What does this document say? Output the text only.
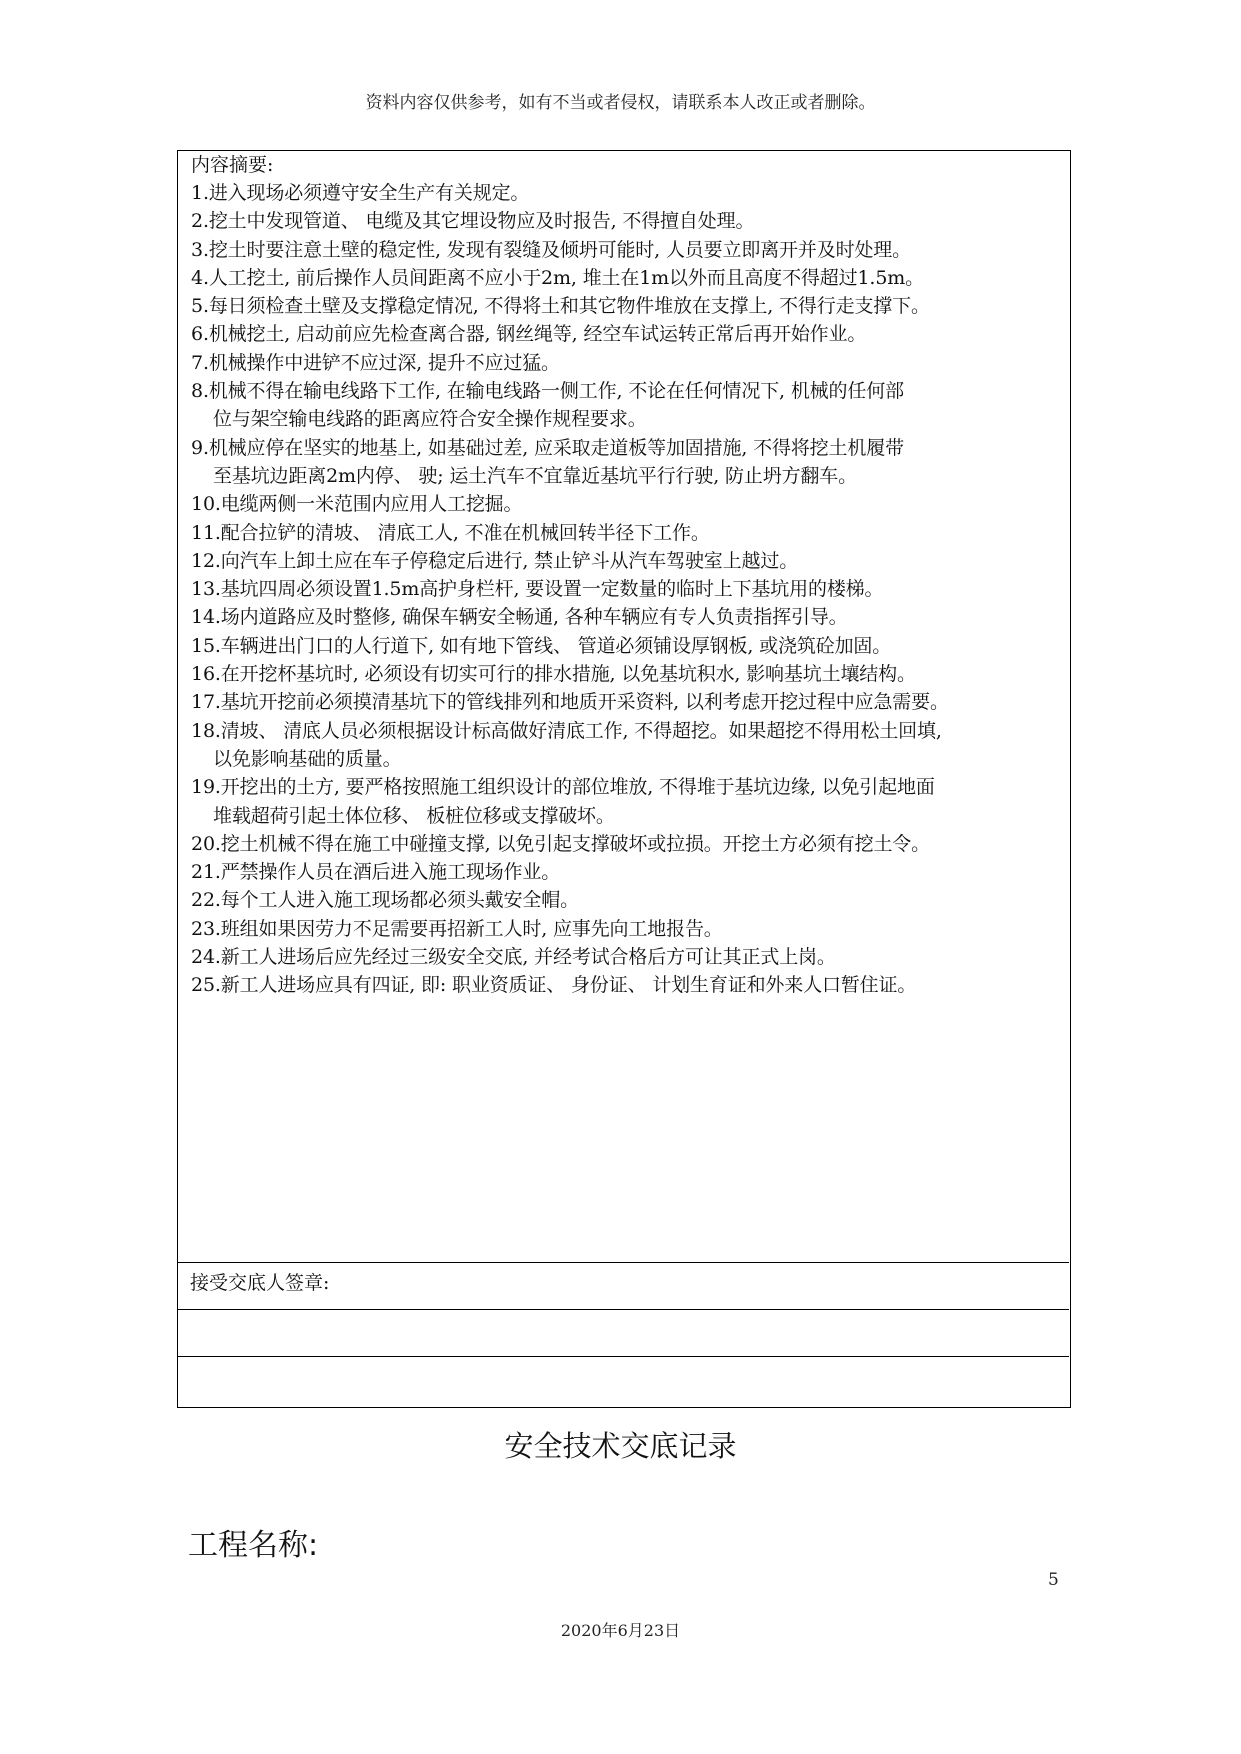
资料内容仅供参考，如有不当或者侵权，请联系本人改正或者删除。
内容摘要:
1.进入现场必须遵守安全生产有关规定。
2.挖土中发现管道、 电缆及其它埋设物应及时报告, 不得擅自处理。
3.挖土时要注意土壁的稳定性, 发现有裂缝及倾坍可能时, 人员要立即离开并及时处理。
4.人工挖土, 前后操作人员间距离不应小于2m, 堆土在1m以外而且高度不得超过1.5m。
5.每日须检查土壁及支撑稳定情况, 不得将土和其它物件堆放在支撑上, 不得行走支撑下。
6.机械挖土, 启动前应先检查离合器, 钢丝绳等, 经空车试运转正常后再开始作业。
7.机械操作中进铲不应过深, 提升不应过猛。
8.机械不得在输电线路下工作, 在输电线路一侧工作, 不论在任何情况下, 机械的任何部
位与架空输电线路的距离应符合安全操作规程要求。
9.机械应停在坚实的地基上, 如基础过差, 应采取走道板等加固措施, 不得将挖土机履带
至基坑边距离2m内停、 驶; 运土汽车不宜靠近基坑平行行驶, 防止坍方翻车。
10.电缆两侧一米范围内应用人工挖掘。
11.配合拉铲的清坡、 清底工人, 不准在机械回转半径下工作。
12.向汽车上卸土应在车子停稳定后进行, 禁止铲斗从汽车驾驶室上越过。
13.基坑四周必须设置1.5m高护身栏杆, 要设置一定数量的临时上下基坑用的楼梯。
14.场内道路应及时整修, 确保车辆安全畅通, 各种车辆应有专人负责指挥引导。
15.车辆进出门口的人行道下, 如有地下管线、 管道必须铺设厚钢板, 或浇筑砼加固。
16.在开挖杯基坑时, 必须设有切实可行的排水措施, 以免基坑积水, 影响基坑土壤结构。
17.基坑开挖前必须摸清基坑下的管线排列和地质开采资料, 以利考虑开挖过程中应急需要。
18.清坡、 清底人员必须根据设计标高做好清底工作, 不得超挖。如果超挖不得用松土回填,
以免影响基础的质量。
19.开挖出的土方, 要严格按照施工组织设计的部位堆放, 不得堆于基坑边缘, 以免引起地面
堆载超荷引起土体位移、 板桩位移或支撑破坏。
20.挖土机械不得在施工中碰撞支撑, 以免引起支撑破坏或拉损。开挖土方必须有挖土令。
21.严禁操作人员在酒后进入施工现场作业。
22.每个工人进入施工现场都必须头戴安全帽。
23.班组如果因劳力不足需要再招新工人时, 应事先向工地报告。
24.新工人进场后应先经过三级安全交底, 并经考试合格后方可让其正式上岗。
25.新工人进场应具有四证, 即: 职业资质证、 身份证、 计划生育证和外来人口暂住证。
接受交底人签章:
安全技术交底记录
工程名称:
5
2020年6月23日
